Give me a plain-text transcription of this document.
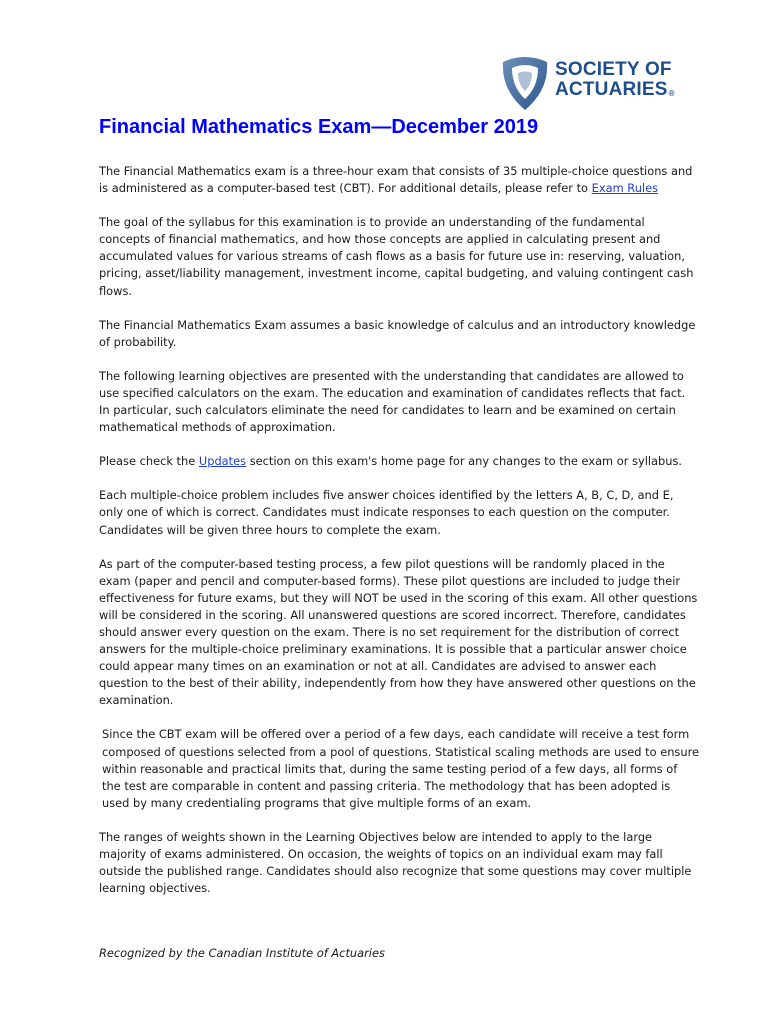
SOCIETY OF
ACTUARIES®
Financial Mathematics Exam—December 2019

The Financial Mathematics exam is a three-hour exam that consists of 35 multiple-choice questions and is administered as a computer-based test (CBT). For additional details, please refer to Exam Rules

The goal of the syllabus for this examination is to provide an understanding of the fundamental concepts of financial mathematics, and how those concepts are applied in calculating present and accumulated values for various streams of cash flows as a basis for future use in: reserving, valuation, pricing, asset/liability management, investment income, capital budgeting, and valuing contingent cash flows.

The Financial Mathematics Exam assumes a basic knowledge of calculus and an introductory knowledge of probability.

The following learning objectives are presented with the understanding that candidates are allowed to use specified calculators on the exam. The education and examination of candidates reflects that fact. In particular, such calculators eliminate the need for candidates to learn and be examined on certain mathematical methods of approximation.

Please check the Updates section on this exam's home page for any changes to the exam or syllabus.

Each multiple-choice problem includes five answer choices identified by the letters A, B, C, D, and E, only one of which is correct. Candidates must indicate responses to each question on the computer. Candidates will be given three hours to complete the exam.

As part of the computer-based testing process, a few pilot questions will be randomly placed in the exam (paper and pencil and computer-based forms). These pilot questions are included to judge their effectiveness for future exams, but they will NOT be used in the scoring of this exam. All other questions will be considered in the scoring. All unanswered questions are scored incorrect. Therefore, candidates should answer every question on the exam. There is no set requirement for the distribution of correct answers for the multiple-choice preliminary examinations. It is possible that a particular answer choice could appear many times on an examination or not at all. Candidates are advised to answer each question to the best of their ability, independently from how they have answered other questions on the examination.

Since the CBT exam will be offered over a period of a few days, each candidate will receive a test form composed of questions selected from a pool of questions. Statistical scaling methods are used to ensure within reasonable and practical limits that, during the same testing period of a few days, all forms of the test are comparable in content and passing criteria. The methodology that has been adopted is used by many credentialing programs that give multiple forms of an exam.

The ranges of weights shown in the Learning Objectives below are intended to apply to the large majority of exams administered. On occasion, the weights of topics on an individual exam may fall outside the published range. Candidates should also recognize that some questions may cover multiple learning objectives.

Recognized by the Canadian Institute of Actuaries
